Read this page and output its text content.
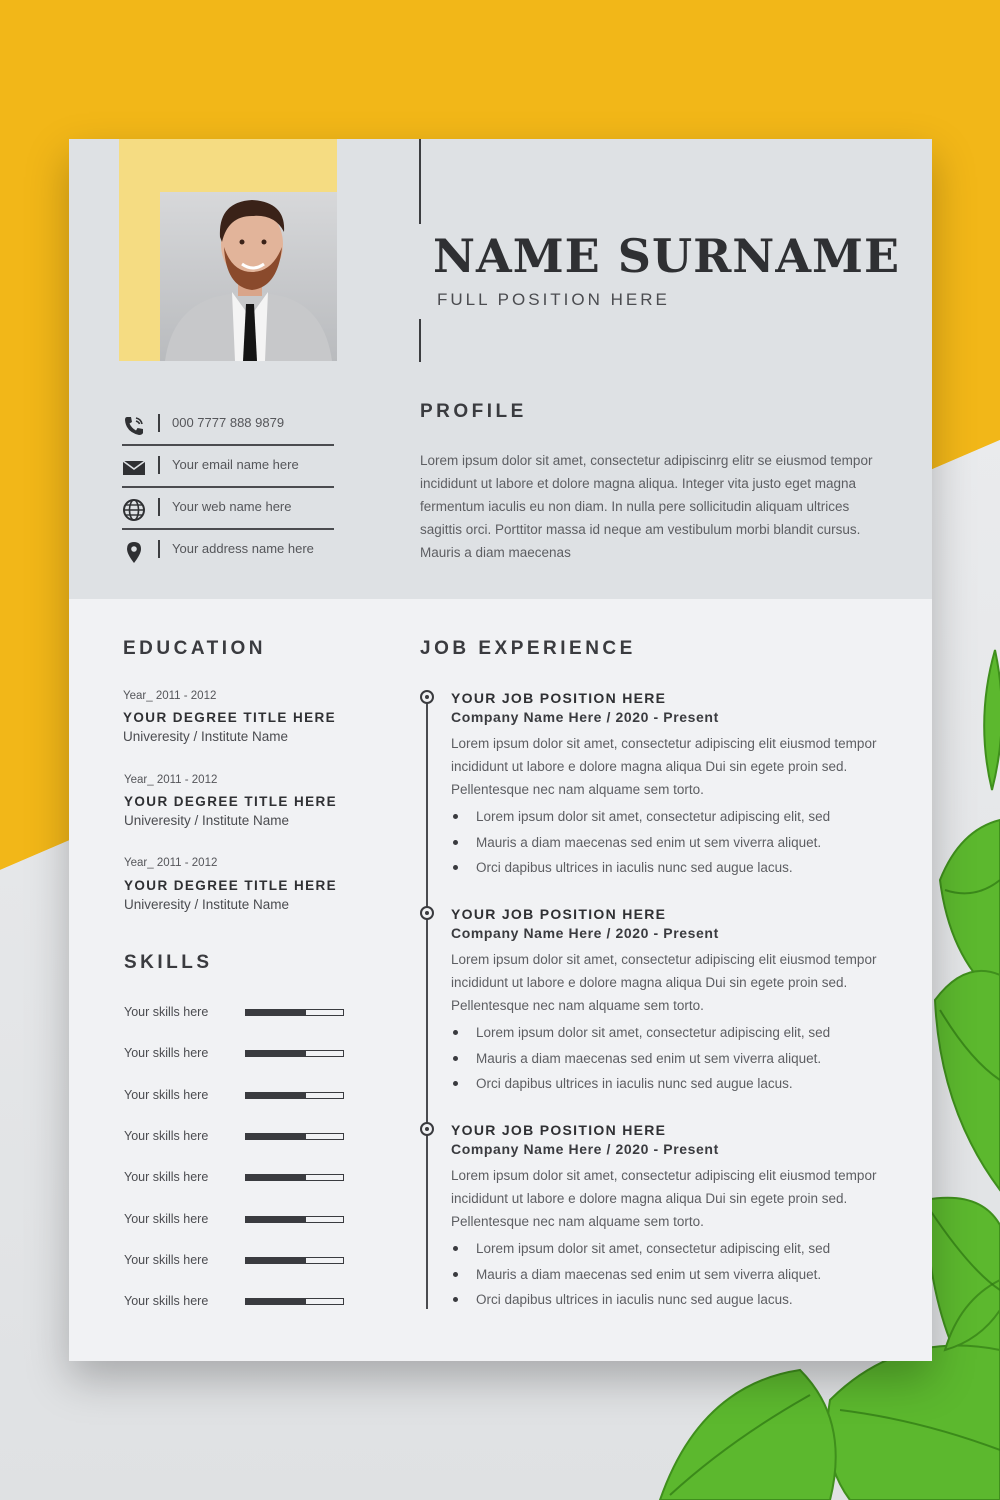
NAME SURNAME
FULL POSITION HERE
000 7777 888 9879
Your email name here
Your web name here
Your address name here
PROFILE
Lorem ipsum dolor sit amet, consectetur adipiscinrg elitr se eiusmod tempor incididunt ut labore et dolore magna aliqua. Integer vita justo eget magna fermentum iaculis eu non diam. In nulla pere sollicitudin aliquam ultrices sagittis orci. Porttitor massa id neque am vestibulum morbi blandit cursus. Mauris a diam maecenas
EDUCATION
Year_ 2011 - 2012
YOUR DEGREE TITLE HERE
Univeresity / Institute Name
Year_ 2011 - 2012
YOUR DEGREE TITLE HERE
Univeresity / Institute Name
Year_ 2011 - 2012
YOUR DEGREE TITLE HERE
Univeresity / Institute Name
SKILLS
Your skills here
Your skills here
Your skills here
Your skills here
Your skills here
Your skills here
Your skills here
Your skills here
JOB EXPERIENCE
YOUR JOB POSITION HERE
Company Name Here / 2020 - Present
Lorem ipsum dolor sit amet, consectetur adipiscing elit eiusmod tempor incididunt ut labore e dolore magna aliqua Dui sin egete proin sed. Pellentesque nec nam alquame sem torto.
Lorem ipsum dolor sit amet, consectetur adipiscing elit, sed
Mauris a diam maecenas sed enim ut sem viverra aliquet.
Orci dapibus ultrices in iaculis nunc sed augue lacus.
YOUR JOB POSITION HERE
Company Name Here / 2020 - Present
Lorem ipsum dolor sit amet, consectetur adipiscing elit eiusmod tempor incididunt ut labore e dolore magna aliqua Dui sin egete proin sed. Pellentesque nec nam alquame sem torto.
Lorem ipsum dolor sit amet, consectetur adipiscing elit, sed
Mauris a diam maecenas sed enim ut sem viverra aliquet.
Orci dapibus ultrices in iaculis nunc sed augue lacus.
YOUR JOB POSITION HERE
Company Name Here / 2020 - Present
Lorem ipsum dolor sit amet, consectetur adipiscing elit eiusmod tempor incididunt ut labore e dolore magna aliqua Dui sin egete proin sed. Pellentesque nec nam alquame sem torto.
Lorem ipsum dolor sit amet, consectetur adipiscing elit, sed
Mauris a diam maecenas sed enim ut sem viverra aliquet.
Orci dapibus ultrices in iaculis nunc sed augue lacus.
